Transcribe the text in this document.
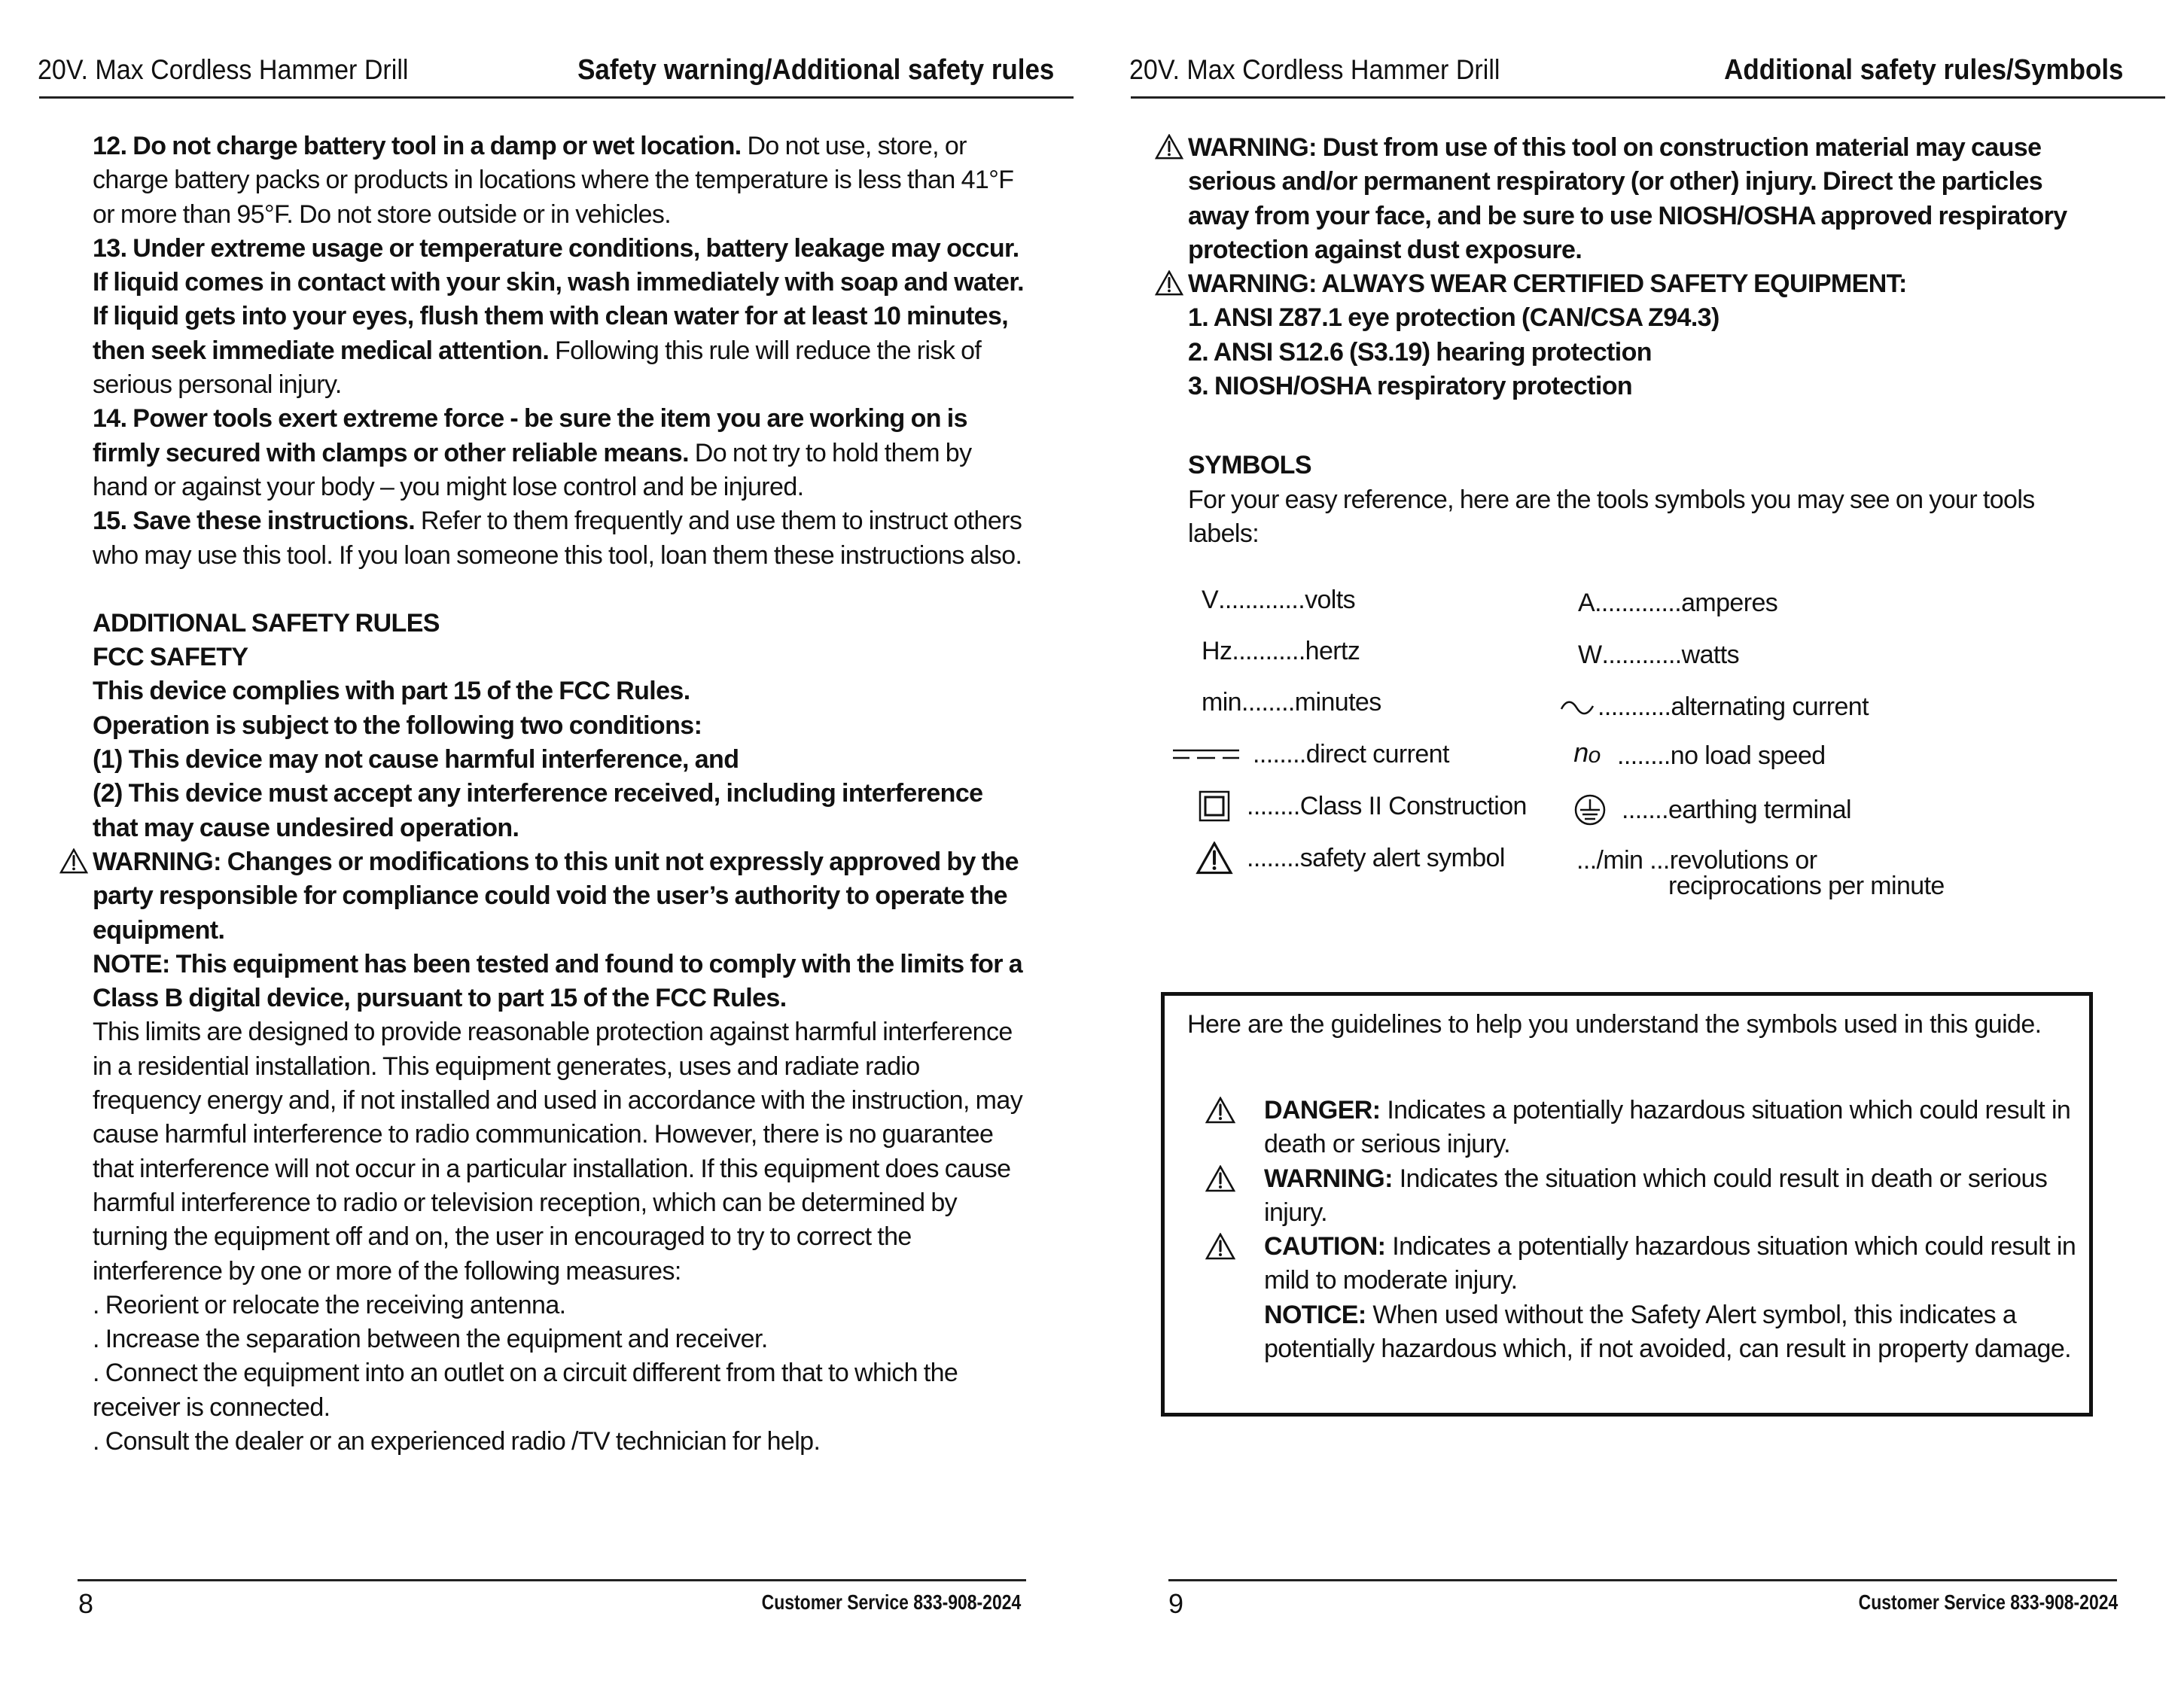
20V. Max Cordless Hammer Drill	Safety warning/Additional safety rules

12. Do not charge battery tool in a damp or wet location. Do not use, store, or charge battery packs or products in locations where the temperature is less than 41°F or more than 95°F. Do not store outside or in vehicles.

13. Under extreme usage or temperature conditions, battery leakage may occur. If liquid comes in contact with your skin, wash immediately with soap and water. If liquid gets into your eyes, flush them with clean water for at least 10 minutes, then seek immediate medical attention. Following this rule will reduce the risk of serious personal injury.

14. Power tools exert extreme force - be sure the item you are working on is firmly secured with clamps or other reliable means. Do not try to hold them by hand or against your body – you might lose control and be injured.

15. Save these instructions. Refer to them frequently and use them to instruct others who may use this tool. If you loan someone this tool, loan them these instructions also.

ADDITIONAL SAFETY RULES

FCC SAFETY

This device complies with part 15 of the FCC Rules.

Operation is subject to the following two conditions:

(1) This device may not cause harmful interference, and

(2) This device must accept any interference received, including interference that may cause undesired operation.

WARNING: Changes or modifications to this unit not expressly approved by the party responsible for compliance could void the user’s authority to operate the equipment.

NOTE: This equipment has been tested and found to comply with the limits for a Class B digital device, pursuant to part 15 of the FCC Rules.

This limits are designed to provide reasonable protection against harmful interference in a residential installation. This equipment generates, uses and radiate radio frequency energy and, if not installed and used in accordance with the instruction, may cause harmful interference to radio communication. However, there is no guarantee that interference will not occur in a particular installation. If this equipment does cause harmful interference to radio or television reception, which can be determined by turning the equipment off and on, the user in encouraged to try to correct the interference by one or more of the following measures:

. Reorient or relocate the receiving antenna.

. Increase the separation between the equipment and receiver.

. Connect the equipment into an outlet on a circuit different from that to which the receiver is connected.

. Consult the dealer or an experienced radio /TV technician for help.

8	Customer Service 833-908-2024
20V. Max Cordless Hammer Drill	Additional safety rules/Symbols

WARNING: Dust from use of this tool on construction material may cause serious and/or permanent respiratory (or other) injury. Direct the particles away from your face, and be sure to use NIOSH/OSHA approved respiratory protection against dust exposure.

WARNING: ALWAYS WEAR CERTIFIED SAFETY EQUIPMENT:

1. ANSI Z87.1 eye protection (CAN/CSA Z94.3)

2. ANSI S12.6 (S3.19) hearing protection

3. NIOSH/OSHA respiratory protection

SYMBOLS

For your easy reference, here are the tools symbols you may see on your tools labels:

V ............. volts
Hz ........... hertz
min ........ minutes
........ direct current
........ Class II Construction
........ safety alert symbol
A ............. amperes
W ............ watts
........... alternating current
$n_o$ ........ no load speed
....... earthing terminal
.../min ...revolutions or
reciprocations per minute
Here are the guidelines to help you understand the symbols used in this guide.

DANGER: Indicates a potentially hazardous situation which could result in death or serious injury.

WARNING: Indicates the situation which could result in death or serious injury.

CAUTION: Indicates a potentially hazardous situation which could result in mild to moderate injury.

NOTICE: When used without the Safety Alert symbol, this indicates a potentially hazardous which, if not avoided, can result in property damage.

9	Customer Service 833-908-2024
